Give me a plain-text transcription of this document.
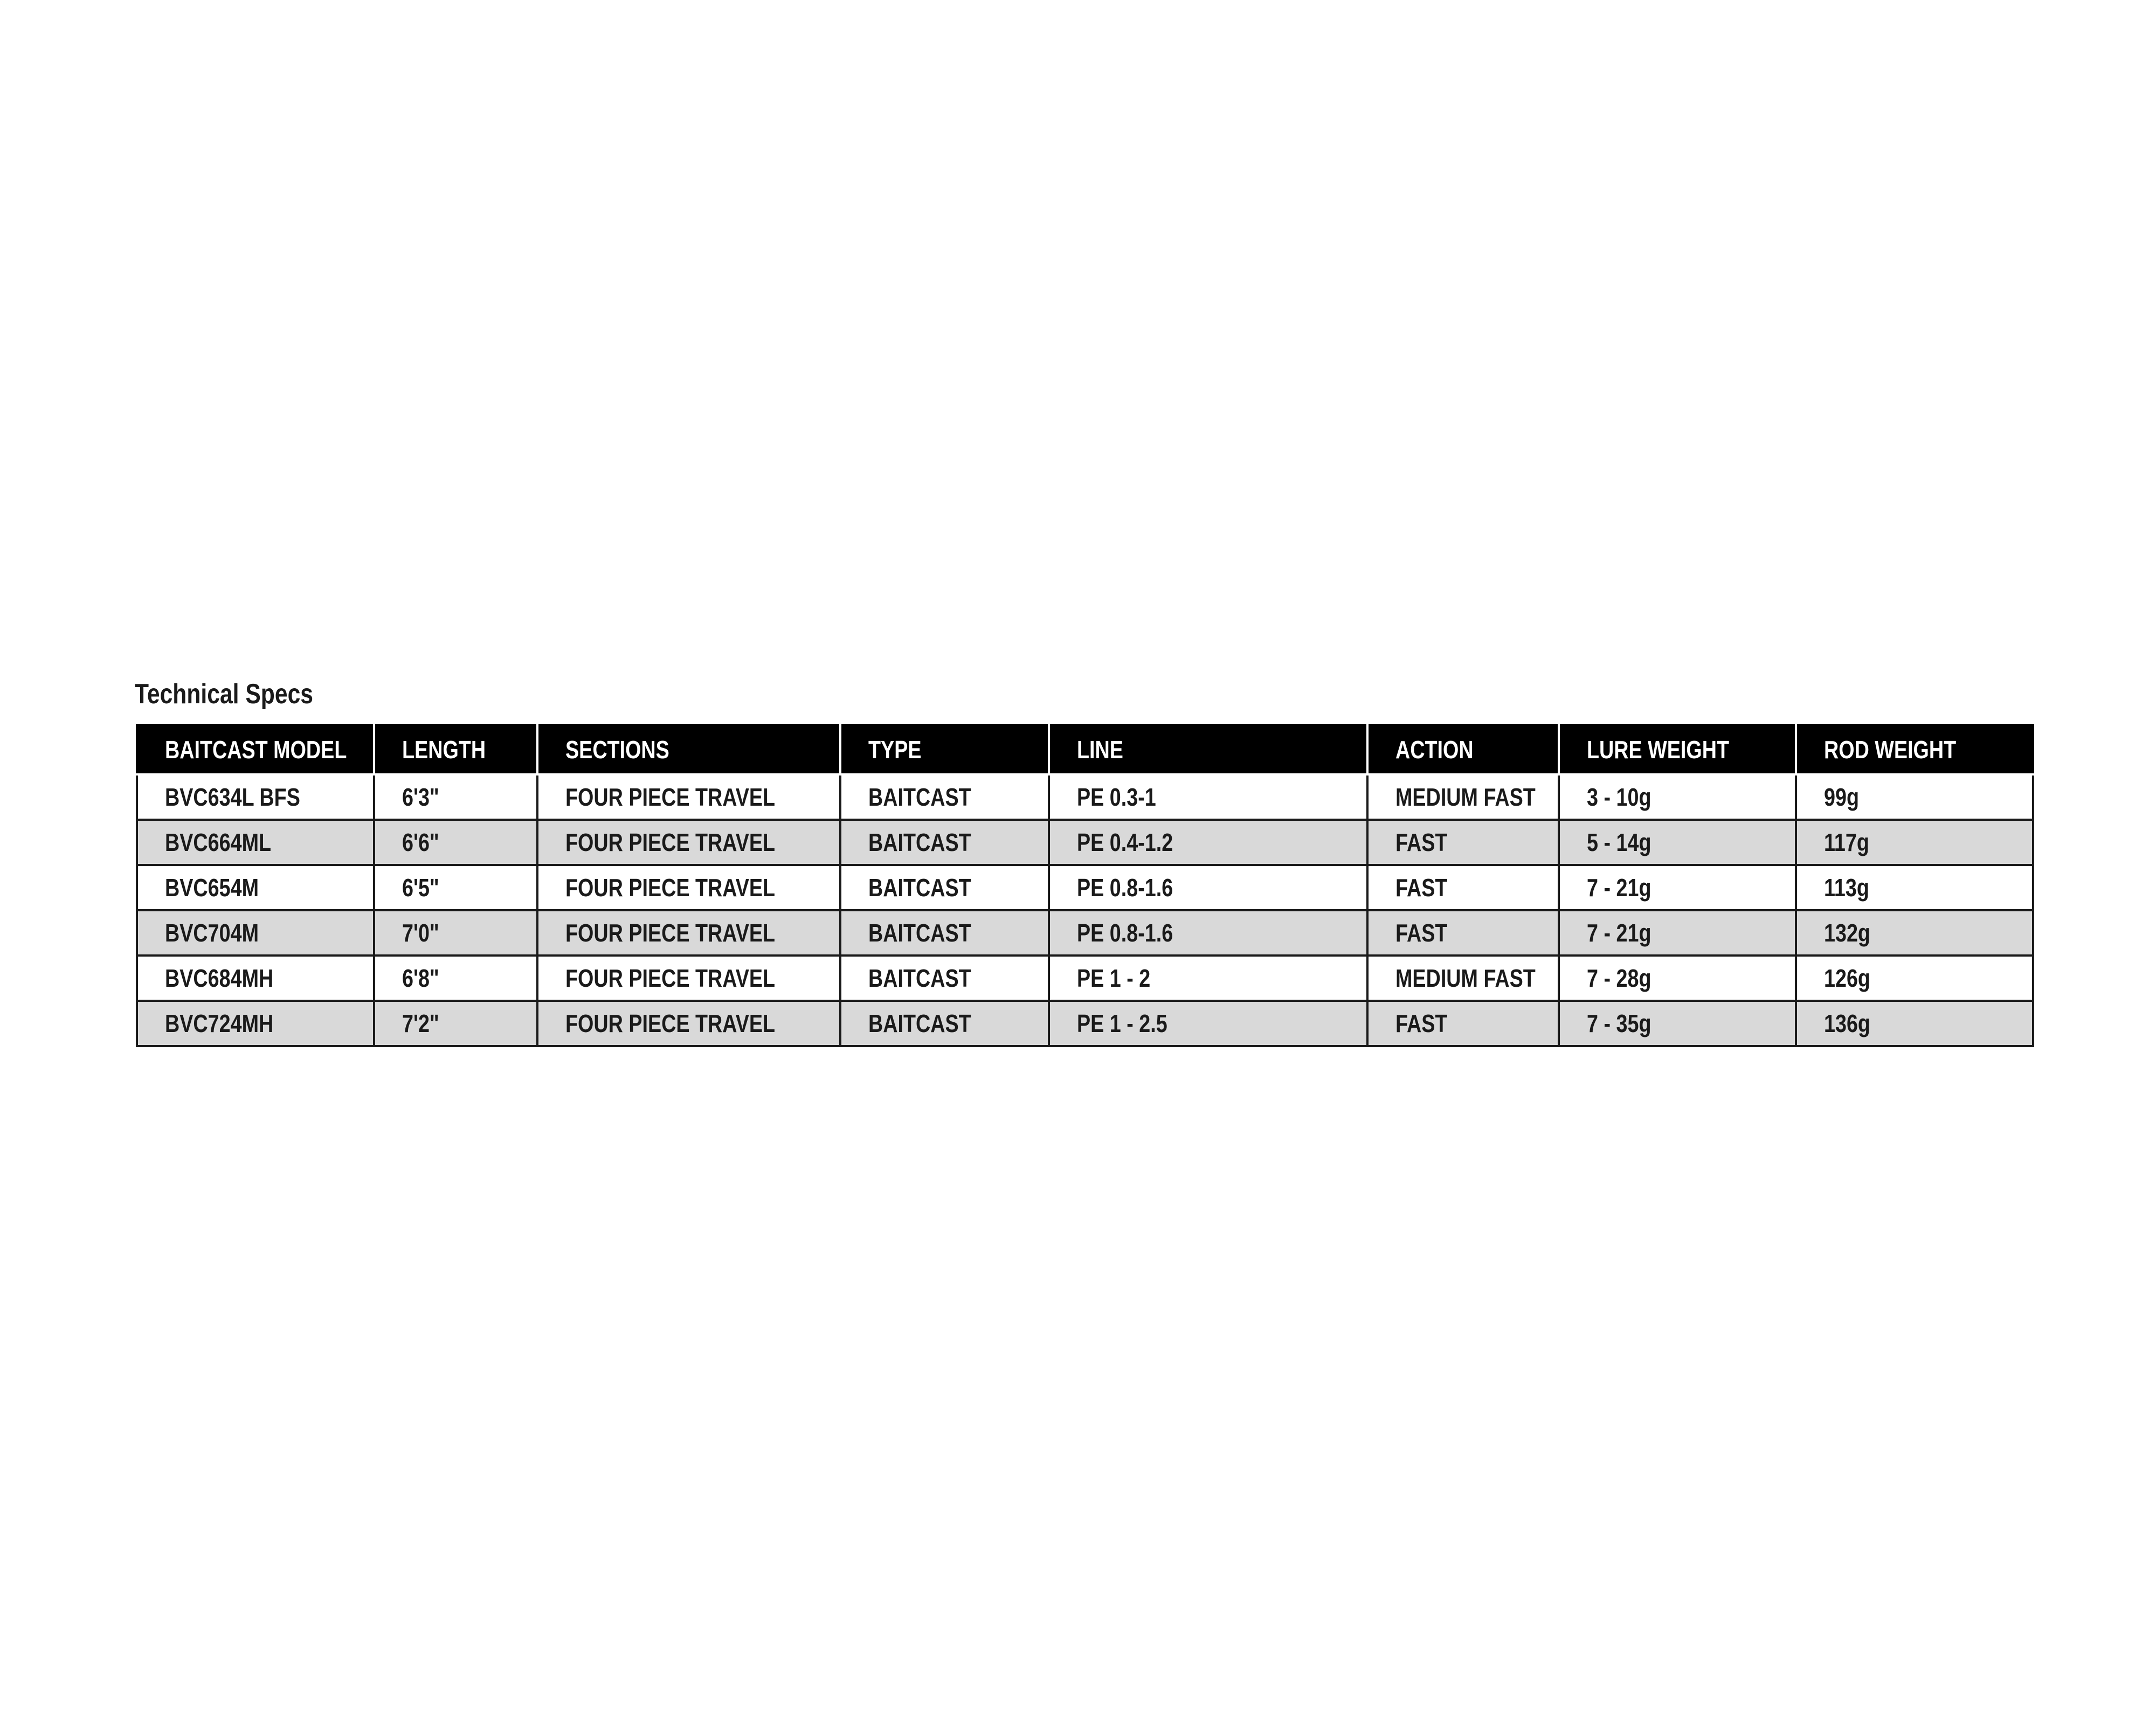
Technical Specs
BAITCAST MODEL	LENGTH	SECTIONS	TYPE	LINE	ACTION	LURE WEIGHT	ROD WEIGHT
BVC634L BFS	6'3"	FOUR PIECE TRAVEL	BAITCAST	PE 0.3-1	MEDIUM FAST	3 - 10g	99g
BVC664ML	6'6"	FOUR PIECE TRAVEL	BAITCAST	PE 0.4-1.2	FAST	5 - 14g	117g
BVC654M	6'5"	FOUR PIECE TRAVEL	BAITCAST	PE 0.8-1.6	FAST	7 - 21g	113g
BVC704M	7'0"	FOUR PIECE TRAVEL	BAITCAST	PE 0.8-1.6	FAST	7 - 21g	132g
BVC684MH	6'8"	FOUR PIECE TRAVEL	BAITCAST	PE 1 - 2	MEDIUM FAST	7 - 28g	126g
BVC724MH	7'2"	FOUR PIECE TRAVEL	BAITCAST	PE 1 - 2.5	FAST	7 - 35g	136g
